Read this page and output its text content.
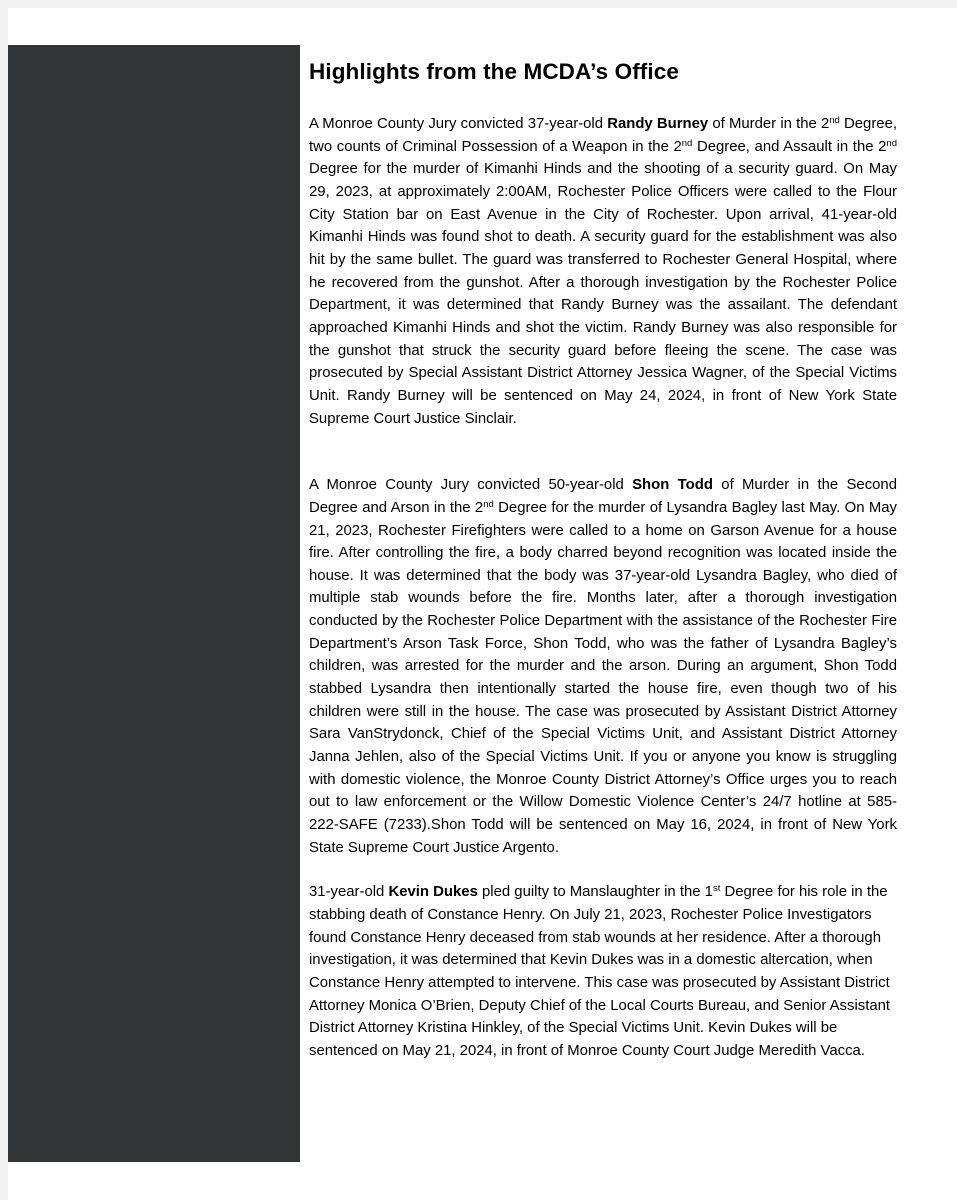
Highlights from the MCDA’s Office

A Monroe County Jury convicted 37-year-old Randy Burney of Murder in the 2nd Degree, two counts of Criminal Possession of a Weapon in the 2nd Degree, and Assault in the 2nd Degree for the murder of Kimanhi Hinds and the shooting of a security guard. On May 29, 2023, at approximately 2:00AM, Rochester Police Officers were called to the Flour City Station bar on East Avenue in the City of Rochester. Upon arrival, 41-year-old Kimanhi Hinds was found shot to death. A security guard for the establishment was also hit by the same bullet. The guard was transferred to Rochester General Hospital, where he recovered from the gunshot. After a thorough investigation by the Rochester Police Department, it was determined that Randy Burney was the assailant. The defendant approached Kimanhi Hinds and shot the victim. Randy Burney was also responsible for the gunshot that struck the security guard before fleeing the scene. The case was prosecuted by Special Assistant District Attorney Jessica Wagner, of the Special Victims Unit. Randy Burney will be sentenced on May 24, 2024, in front of New York State Supreme Court Justice Sinclair.

A Monroe County Jury convicted 50-year-old Shon Todd of Murder in the Second Degree and Arson in the 2nd Degree for the murder of Lysandra Bagley last May. On May 21, 2023, Rochester Firefighters were called to a home on Garson Avenue for a house fire. After controlling the fire, a body charred beyond recognition was located inside the house. It was determined that the body was 37-year-old Lysandra Bagley, who died of multiple stab wounds before the fire. Months later, after a thorough investigation conducted by the Rochester Police Department with the assistance of the Rochester Fire Department’s Arson Task Force, Shon Todd, who was the father of Lysandra Bagley’s children, was arrested for the murder and the arson. During an argument, Shon Todd stabbed Lysandra then intentionally started the house fire, even though two of his children were still in the house. The case was prosecuted by Assistant District Attorney Sara VanStrydonck, Chief of the Special Victims Unit, and Assistant District Attorney Janna Jehlen, also of the Special Victims Unit. If you or anyone you know is struggling with domestic violence, the Monroe County District Attorney’s Office urges you to reach out to law enforcement or the Willow Domestic Violence Center’s 24/7 hotline at 585-222-SAFE (7233).Shon Todd will be sentenced on May 16, 2024, in front of New York State Supreme Court Justice Argento.

31-year-old Kevin Dukes pled guilty to Manslaughter in the 1st Degree for his role in the stabbing death of Constance Henry. On July 21, 2023, Rochester Police Investigators found Constance Henry deceased from stab wounds at her residence. After a thorough investigation, it was determined that Kevin Dukes was in a domestic altercation, when Constance Henry attempted to intervene. This case was prosecuted by Assistant District Attorney Monica O’Brien, Deputy Chief of the Local Courts Bureau, and Senior Assistant District Attorney Kristina Hinkley, of the Special Victims Unit. Kevin Dukes will be sentenced on May 21, 2024, in front of Monroe County Court Judge Meredith Vacca.
